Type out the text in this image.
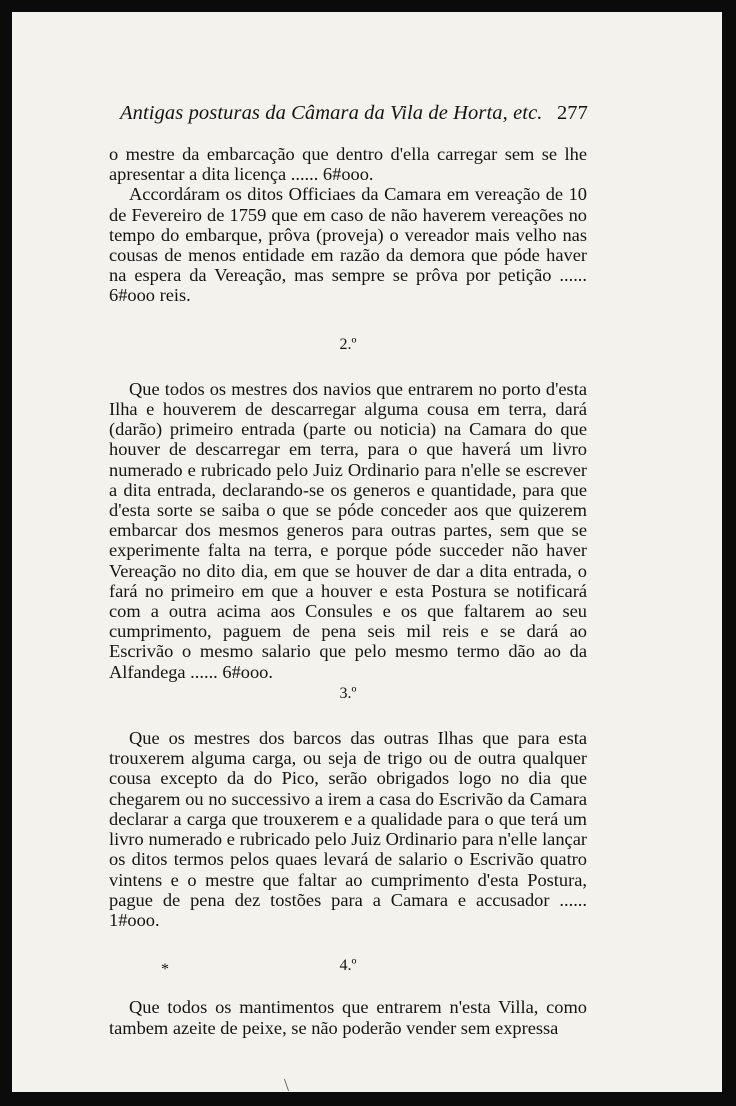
Antigas posturas da Câmara da Vila de Horta, etc. 277

o mestre da embarcação que dentro d'ella carregar sem se lhe apresentar a dita licença ...... 6#ooo.

Accordáram os ditos Officiaes da Camara em vereação de 10 de Fevereiro de 1759 que em caso de não haverem vereações no tempo do embarque, prôva (proveja) o vereador mais velho nas cousas de menos entidade em razão da demora que póde haver na espera da Vereação, mas sempre se prôva por petição ...... 6#ooo reis.

2.º

Que todos os mestres dos navios que entrarem no porto d'esta Ilha e houverem de descarregar alguma cousa em terra, dará (darão) primeiro entrada (parte ou noticia) na Camara do que houver de descarregar em terra, para o que haverá um livro numerado e rubricado pelo Juiz Ordinario para n'elle se escrever a dita entrada, declarando-se os generos e quantidade, para que d'esta sorte se saiba o que se póde conceder aos que quizerem embarcar dos mesmos generos para outras partes, sem que se experimente falta na terra, e porque póde succeder não haver Vereação no dito dia, em que se houver de dar a dita entrada, o fará no primeiro em que a houver e esta Postura se notificará com a outra acima aos Consules e os que faltarem ao seu cumprimento, paguem de pena seis mil reis e se dará ao Escrivão o mesmo salario que pelo mesmo termo dão ao da Alfandega ...... 6#ooo.

3.º

Que os mestres dos barcos das outras Ilhas que para esta trouxerem alguma carga, ou seja de trigo ou de outra qualquer cousa excepto da do Pico, serão obrigados logo no dia que chegarem ou no successivo a irem a casa do Escrivão da Camara declarar a carga que trouxerem e a qualidade para o que terá um livro numerado e rubricado pelo Juiz Ordinario para n'elle lançar os ditos termos pelos quaes levará de salario o Escrivão quatro vintens e o mestre que faltar ao cumprimento d'esta Postura, pague de pena dez tostões para a Camara e accusador ...... 1#ooo.

4.º

Que todos os mantimentos que entrarem n'esta Villa, como tambem azeite de peixe, se não poderão vender sem expressa

*
\
